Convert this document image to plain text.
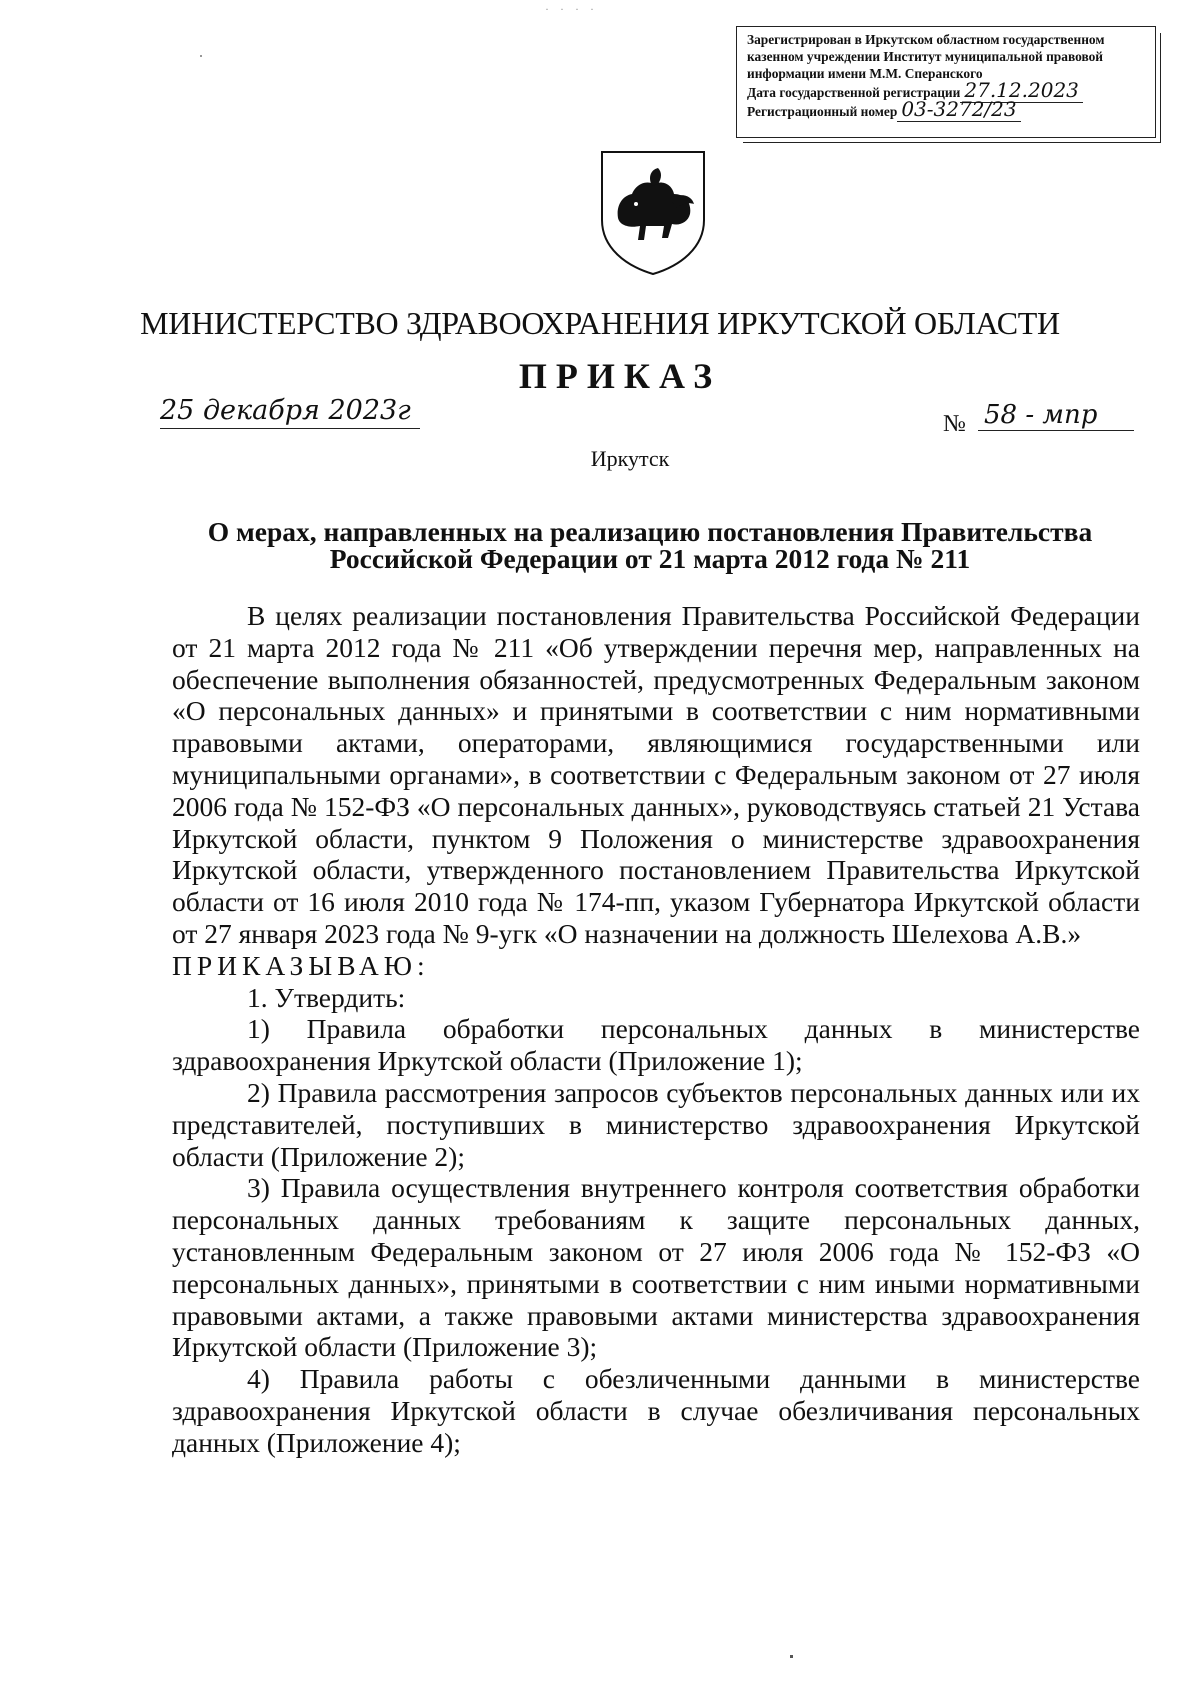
· · · ·
Зарегистрирован в Иркутском областном государственном
казенном учреждении Институт муниципальной правовой
информации имени М.М. Сперанского
Дата государственной регистрации 27.12.2023
Регистрационный номер 03-3272/23
МИНИСТЕРСТВО ЗДРАВООХРАНЕНИЯ ИРКУТСКОЙ ОБЛАСТИ
ПРИКАЗ
25 декабря 2023г	№ 58 - мпр
Иркутск
О мерах, направленных на реализацию постановления Правительства
Российской Федерации от 21 марта 2012 года № 211

В целях реализации постановления Правительства Российской Федерации от 21 марта 2012 года № 211 «Об утверждении перечня мер, направленных на обеспечение выполнения обязанностей, предусмотренных Федеральным законом «О персональных данных» и принятыми в соответствии с ним нормативными правовыми актами, операторами, являющимися государственными или муниципальными органами», в соответствии с Федеральным законом от 27 июля 2006 года № 152-ФЗ «О персональных данных», руководствуясь статьей 21 Устава Иркутской области, пунктом 9 Положения о министерстве здравоохранения Иркутской области, утвержденного постановлением Правительства Иркутской области от 16 июля 2010 года № 174-пп, указом Губернатора Иркутской области от 27 января 2023 года № 9-угк «О назначении на должность Шелехова А.В.»

ПРИКАЗЫВАЮ:

1. Утвердить:

1) Правила обработки персональных данных в министерстве здравоохранения Иркутской области (Приложение 1);

2) Правила рассмотрения запросов субъектов персональных данных или их представителей, поступивших в министерство здравоохранения Иркутской области (Приложение 2);

3) Правила осуществления внутреннего контроля соответствия обработки персональных данных требованиям к защите персональных данных, установленным Федеральным законом от 27 июля 2006 года № 152-ФЗ «О персональных данных», принятыми в соответствии с ним иными нормативными правовыми актами, а также правовыми актами министерства здравоохранения Иркутской области (Приложение 3);

4) Правила работы с обезличенными данными в министерстве здравоохранения Иркутской области в случае обезличивания персональных данных (Приложение 4);
